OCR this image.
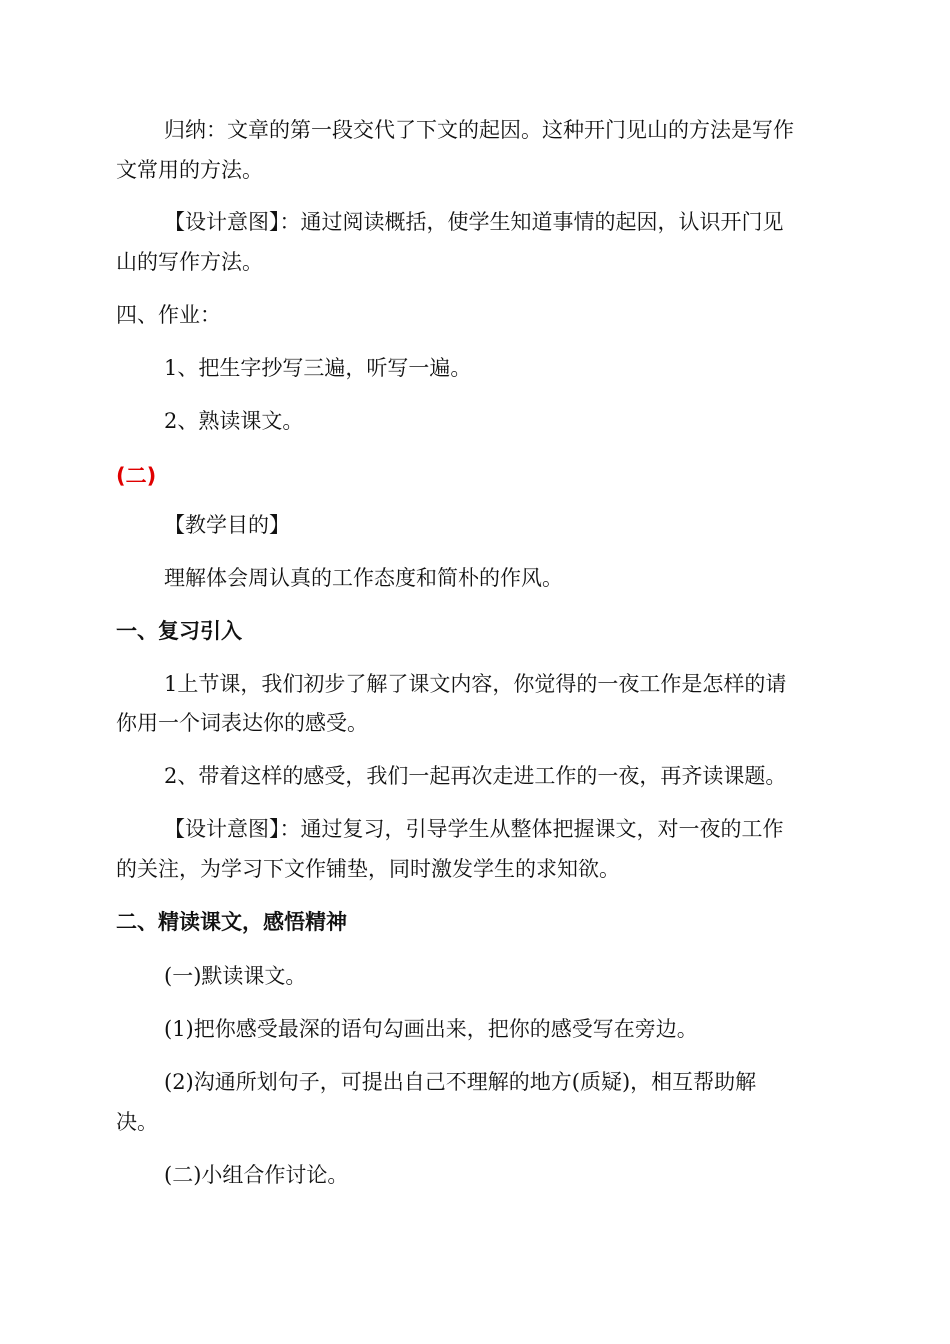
归纳：文章的第一段交代了下文的起因。这种开门见山的方法是写作
文常用的方法。
【设计意图】：通过阅读概括，使学生知道事情的起因，认识开门见
山的写作方法。
四、作业：
1、把生字抄写三遍，听写一遍。
2、熟读课文。
(二)
【教学目的】
理解体会周认真的工作态度和简朴的作风。
一、复习引入
1上节课，我们初步了解了课文内容，你觉得的一夜工作是怎样的请
你用一个词表达你的感受。
2、带着这样的感受，我们一起再次走进工作的一夜，再齐读课题。
【设计意图】：通过复习，引导学生从整体把握课文，对一夜的工作
的关注，为学习下文作铺垫，同时激发学生的求知欲。
二、精读课文，感悟精神
(一)默读课文。
(1)把你感受最深的语句勾画出来，把你的感受写在旁边。
(2)沟通所划句子，可提出自己不理解的地方(质疑)，相互帮助解
决。
(二)小组合作讨论。
